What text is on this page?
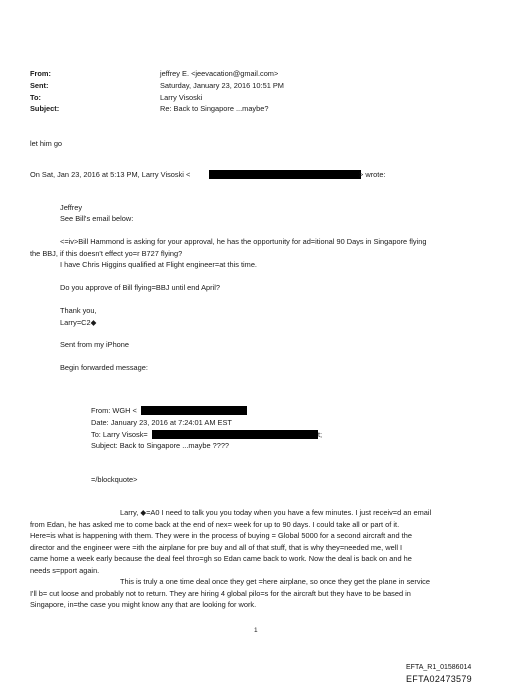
From:
Sent:
To:
Subject:
jeffrey E. <jeevacation@gmail.com>
Saturday, January 23, 2016 10:51 PM
Larry Visoski
Re: Back to Singapore ...maybe?
let him go
On Sat, Jan 23, 2016 at 5:13 PM, Larry Visoski <	> wrote:
Jeffrey
See Bill's email below:
<=iv>Bill Hammond is asking for your approval, he has the opportunity for ad=itional 90 Days in Singapore flying
the BBJ, if this doesn't effect yo=r B727 flying?
I have Chris Higgins qualified at Flight engineer=at this time.
Do you approve of Bill flying=BBJ until end April?
Thank you,
Larry=C2◆
Sent from my iPhone
Begin forwarded message:
From: WGH <
Date: January 23, 2016 at 7:24:01 AM EST
To: Larry Visosk=	t;
Subject: Back to Singapore ...maybe ????
=/blockquote>
Larry, ◆=A0 I need to talk you you today when you have a few minutes. I just receiv=d an email
from Edan, he has asked me to come back at the end of nex= week for up to 90 days. I could take all or part of it.
Here=is what is happening with them. They were in the process of buying = Global 5000 for a second aircraft and the
director and the engineer were =ith the airplane for pre buy and all of that stuff, that is why they=needed me, well I
came home a week early because the deal feel thro=gh so Edan came back to work. Now the deal is back on and he
needs s=pport again.
This is truly a one time deal once they get =here airplane, so once they get the plane in service
I'll b= cut loose and probably not to return. They are hiring 4 global pilo=s for the aircraft but they have to be based in
Singapore, in=the case you might know any that are looking for work.
1
EFTA_R1_01586014
EFTA02473579
